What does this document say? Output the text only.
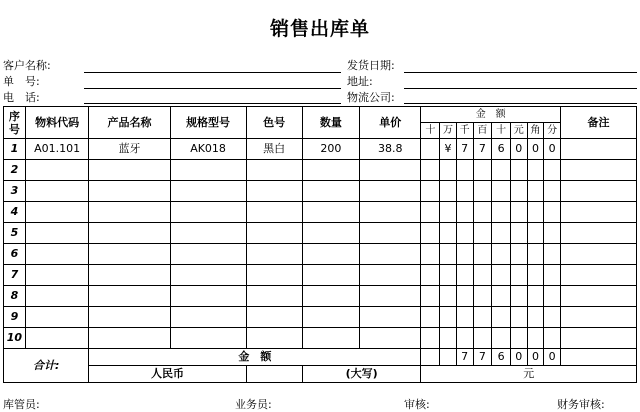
销售出库单
客户名称:	发货日期:
单　号:	地址:
电　话:	物流公司:
序号	物料代码	产品名称	规格型号	色号	数量	单价	金　额								备注
							十	万	千	百	十	元	角	分	
1	A01.101	蓝牙	AK018	黑白	200	38.8		¥	7	7	6	0	0	0	
2															
3															
4															
5															
6															
7															
8															
9															
10															
合计:		金　额							7	7	6	0	0	0	
		人民币			(大写)		元								
库管员:	业务员:	审核:	财务审核:
